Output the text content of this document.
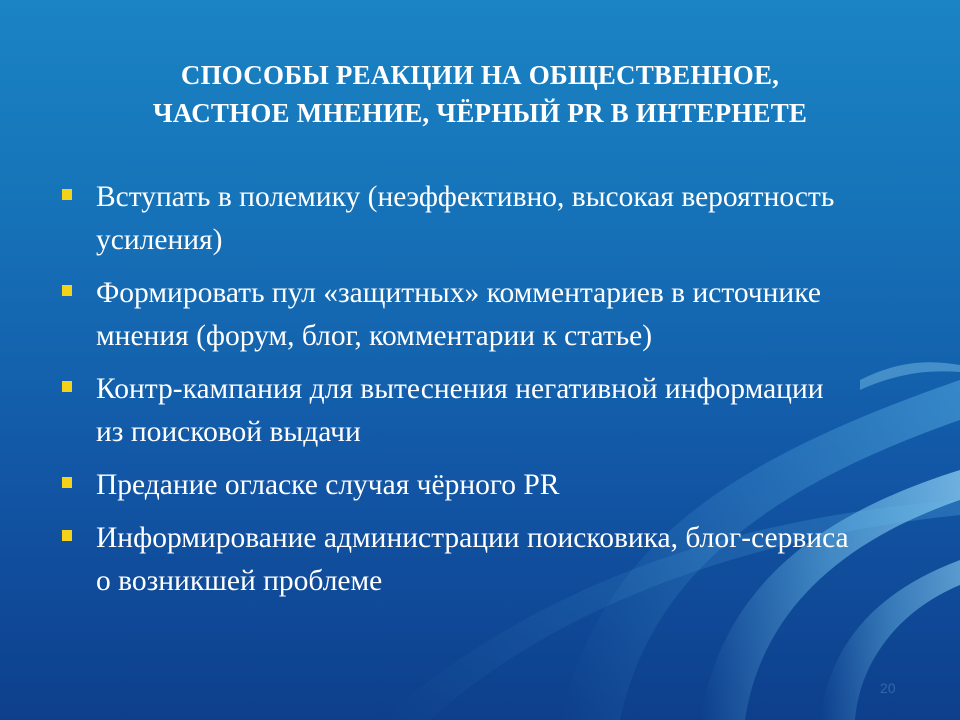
СПОСОБЫ РЕАКЦИИ НА ОБЩЕСТВЕННОЕ,
ЧАСТНОЕ МНЕНИЕ, ЧЁРНЫЙ PR В ИНТЕРНЕТЕ
Вступать в полемику (неэффективно, высокая вероятность усиления)
Формировать пул «защитных» комментариев в источнике мнения (форум, блог, комментарии к статье)
Контр-кампания для вытеснения негативной информации из поисковой выдачи
Предание огласке случая чёрного PR
Информирование администрации поисковика, блог-сервиса о возникшей проблеме

20
